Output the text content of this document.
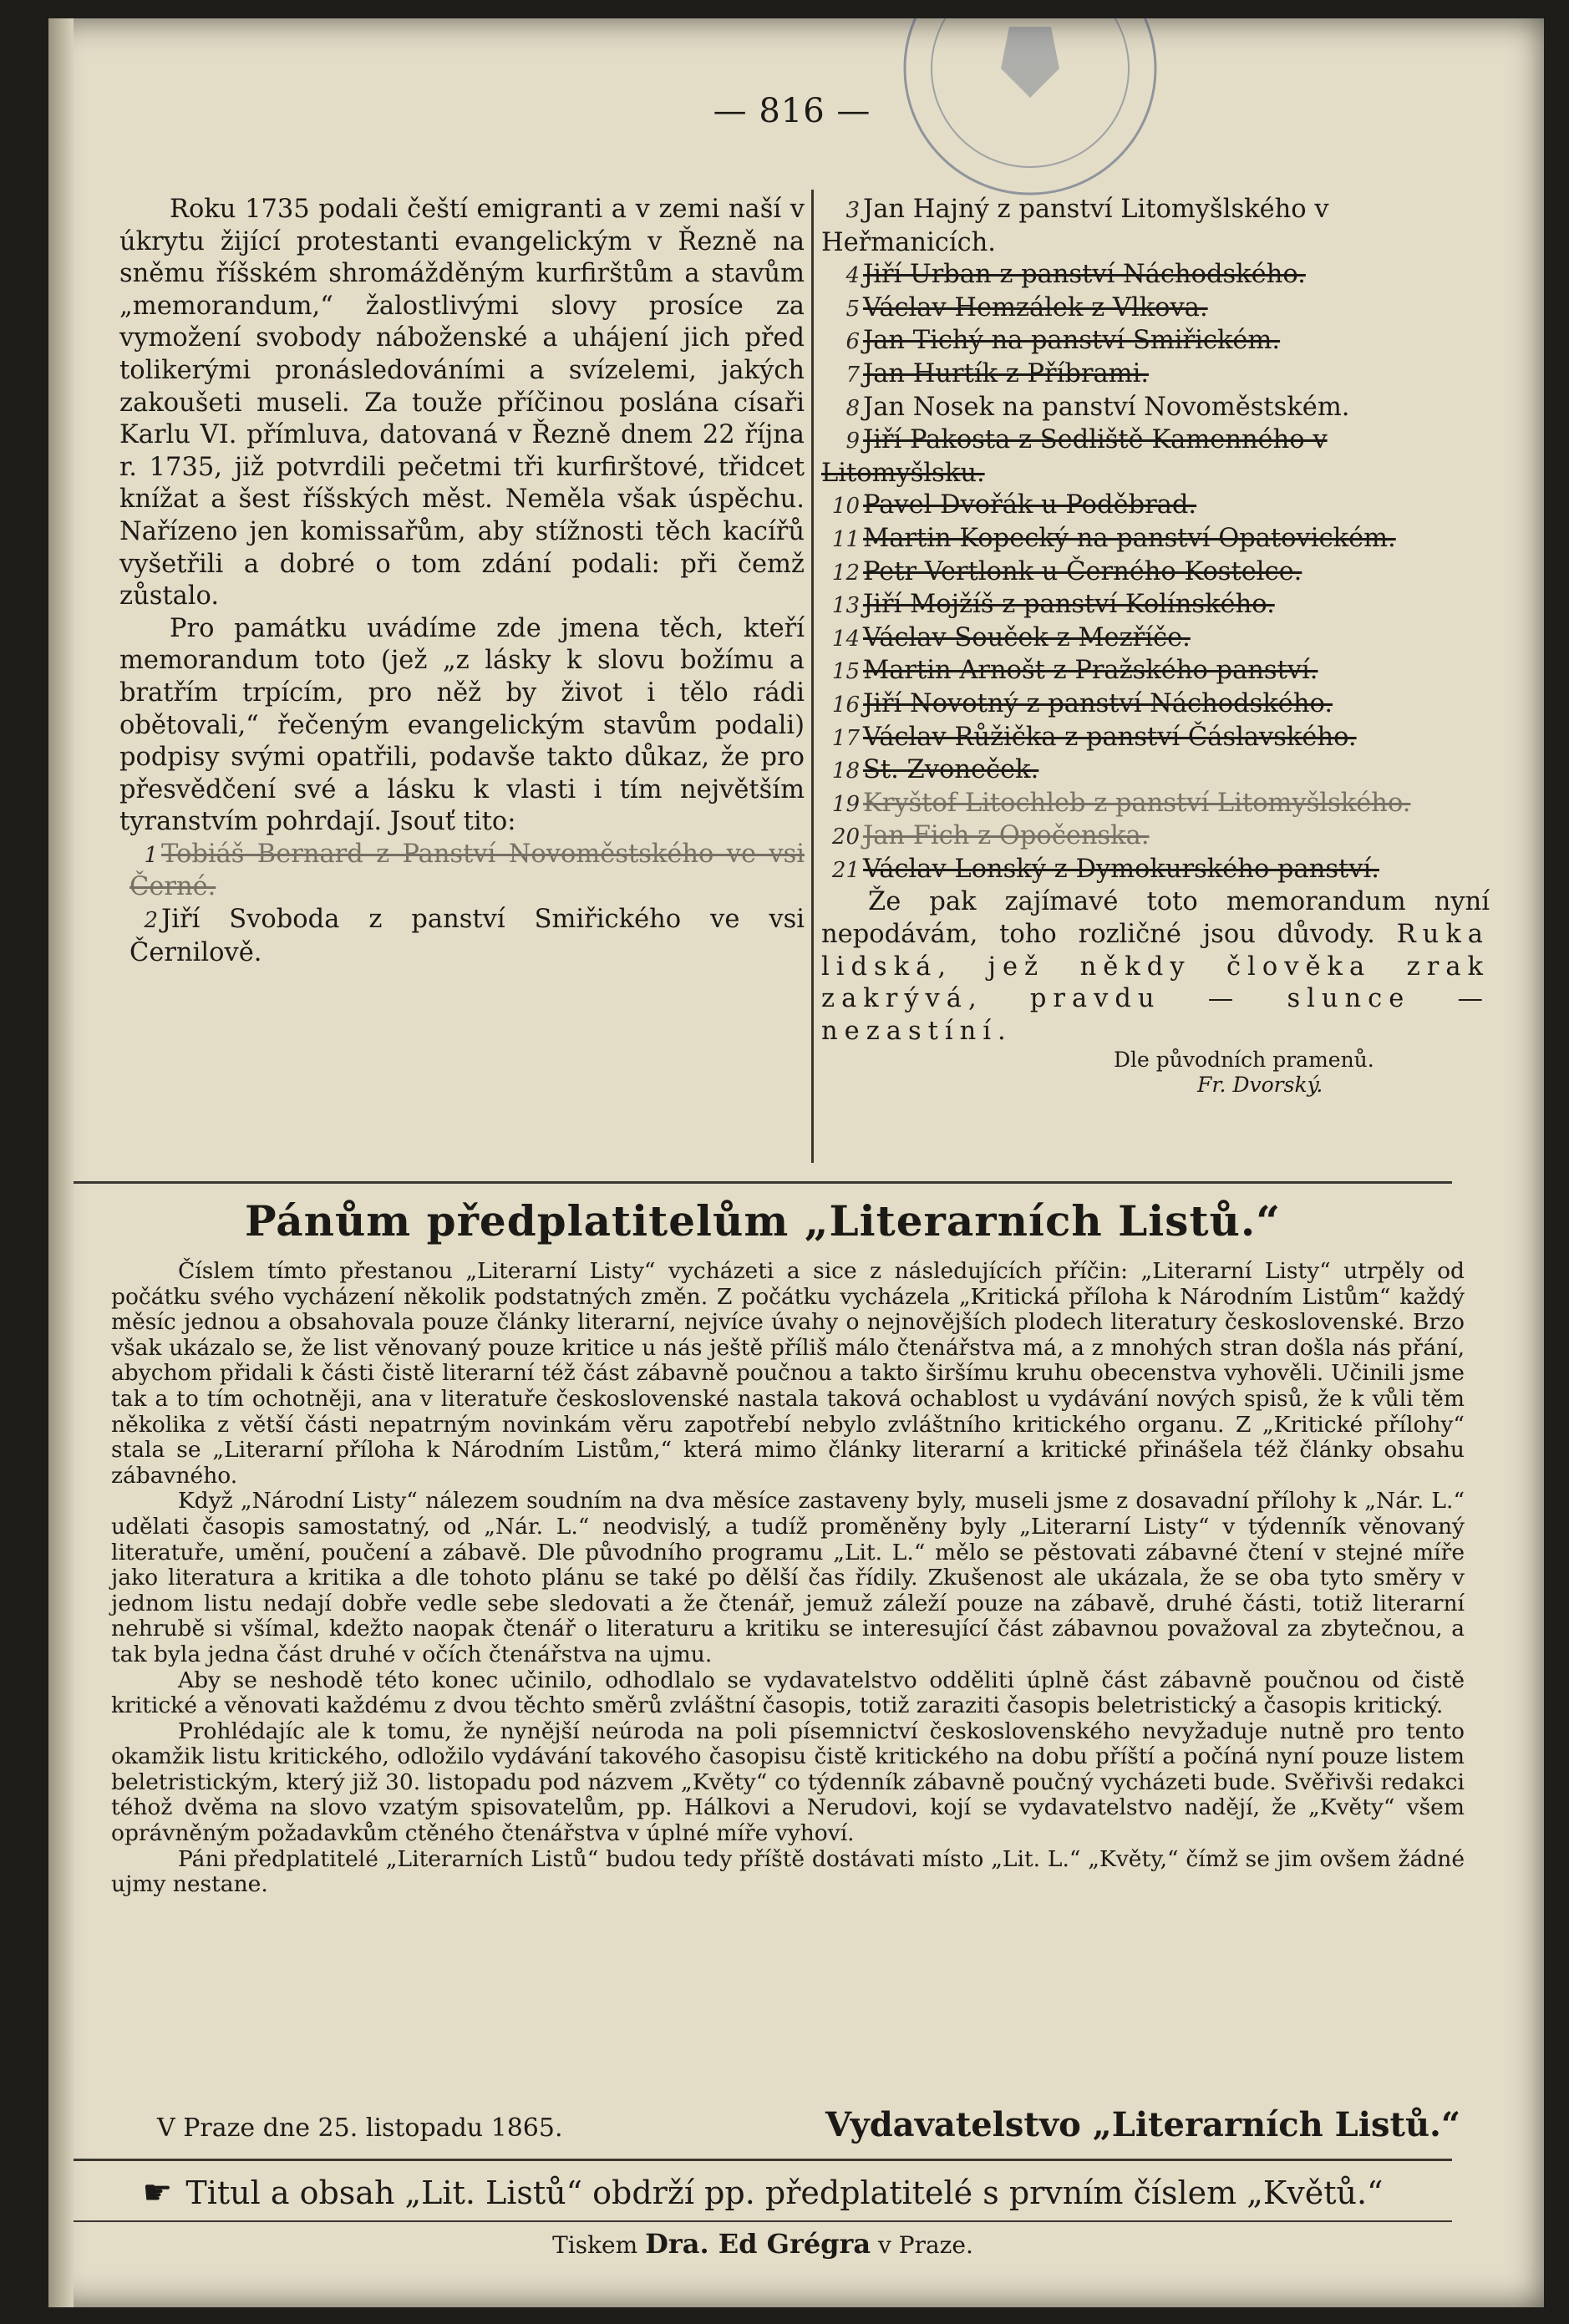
— 816 —

Roku 1735 podali čeští emigranti a v zemi naší v úkrytu žijící protestanti evangelickým v Řezně na sněmu říšském shromážděným kurfirštům a stavům „memorandum,“ žalostlivými slovy prosíce za vymožení svobody náboženské a uhájení jich před tolikerými pronásledováními a svízelemi, jakých zakoušeti museli. Za touže příčinou poslána císaři Karlu VI. přímluva, datovaná v Řezně dnem 22 října r. 1735, již potvrdili pečetmi tři kurfirštové, třidcet knížat a šest říšských měst. Neměla však úspěchu. Nařízeno jen komissařům, aby stížnosti těch kacířů vyšetřili a dobré o tom zdání podali: při čemž zůstalo.

Pro památku uvádíme zde jmena těch, kteří memorandum toto (jež „z lásky k slovu božímu a bratřím trpícím, pro něž by život i tělo rádi obětovali,“ řečeným evangelickým stavům podali) podpisy svými opatřili, podavše takto důkaz, že pro přesvědčení své a lásku k vlasti i tím největším tyranstvím pohrdají. Jsouť tito:

1 Tobiáš Bernard z Panství Novoměstského ve vsi Černé.
2 Jiří Svoboda z panství Smiřického ve vsi Černilově.
3 Jan Hajný z panství Litomyšlského v Heřmanicích.
4 Jiří Urban z panství Náchodského.
5 Václav Hemzálek z Vlkova.
6 Jan Tichý na panství Smiřickém.
7 Jan Hurtík z Příbrami.
8 Jan Nosek na panství Novoměstském.
9 Jiří Pakosta z Sedliště Kamenného v Litomyšlsku.
10 Pavel Dvořák u Poděbrad.
11 Martin Kopecký na panství Opatovickém.
12 Petr Vertlonk u Černého Kostelce.
13 Jiří Mojžíš z panství Kolínského.
14 Václav Souček z Mezříče.
15 Martin Arnošt z Pražského panství.
16 Jiří Novotný z panství Náchodského.
17 Václav Růžička z panství Čáslavského.
18 St. Zvoneček.
19 Kryštof Litochleb z panství Litomyšlského.
20 Jan Fich z Opočenska.
21 Václav Lonský z Dymokurského panství.

Že pak zajímavé toto memorandum nyní nepodávám, toho rozličné jsou důvody. Ruka lidská, jež někdy člověka zrak zakrývá, pravdu — slunce — nezastíní.

Dle původních pramenů.
Fr. Dvorský.
Pánům předplatitelům „Literarních Listů.“

Číslem tímto přestanou „Literarní Listy“ vycházeti a sice z následujících příčin: „Literarní Listy“ utrpěly od počátku svého vycházení několik podstatných změn. Z počátku vycházela „Kritická příloha k Národním Listům“ každý měsíc jednou a obsahovala pouze články literarní, nejvíce úvahy o nejnovějších plodech literatury československé. Brzo však ukázalo se, že list věnovaný pouze kritice u nás ještě příliš málo čtenářstva má, a z mnohých stran došla nás přání, abychom přidali k části čistě literarní též část zábavně poučnou a takto širšímu kruhu obecenstva vyhověli. Učinili jsme tak a to tím ochotněji, ana v literatuře československé nastala taková ochablost u vydávání nových spisů, že k vůli těm několika z větší části nepatrným novinkám věru zapotřebí nebylo zvláštního kritického organu. Z „Kritické přílohy“ stala se „Literarní příloha k Národním Listům,“ která mimo články literarní a kritické přinášela též články obsahu zábavného.

Když „Národní Listy“ nálezem soudním na dva měsíce zastaveny byly, museli jsme z dosavadní přílohy k „Nár. L.“ udělati časopis samostatný, od „Nár. L.“ neodvislý, a tudíž proměněny byly „Literarní Listy“ v týdenník věnovaný literatuře, umění, poučení a zábavě. Dle původního programu „Lit. L.“ mělo se pěstovati zábavné čtení v stejné míře jako literatura a kritika a dle tohoto plánu se také po dělší čas řídily. Zkušenost ale ukázala, že se oba tyto směry v jednom listu nedají dobře vedle sebe sledovati a že čtenář, jemuž záleží pouze na zábavě, druhé části, totiž literarní nehrubě si všímal, kdežto naopak čtenář o literaturu a kritiku se interesující část zábavnou považoval za zbytečnou, a tak byla jedna část druhé v očích čtenářstva na ujmu.

Aby se neshodě této konec učinilo, odhodlalo se vydavatelstvo odděliti úplně část zábavně poučnou od čistě kritické a věnovati každému z dvou těchto směrů zvláštní časopis, totiž zaraziti časopis beletristický a časopis kritický.

Prohlédajíc ale k tomu, že nynější neúroda na poli písemnictví československého nevyžaduje nutně pro tento okamžik listu kritického, odložilo vydávání takového časopisu čistě kritického na dobu příští a počíná nyní pouze listem beletristickým, který již 30. listopadu pod názvem „Květy“ co týdenník zábavně poučný vycházeti bude. Svěřivši redakci téhož dvěma na slovo vzatým spisovatelům, pp. Hálkovi a Nerudovi, kojí se vydavatelstvo nadějí, že „Květy“ všem oprávněným požadavkům ctěného čtenářstva v úplné míře vyhoví.

Páni předplatitelé „Literarních Listů“ budou tedy příště dostávati místo „Lit. L.“ „Květy,“ čímž se jim ovšem žádné ujmy nestane.

V Praze dne 25. listopadu 1865.	Vydavatelstvo „Literarních Listů.“
☛ Titul a obsah „Lit. Listů“ obdrží pp. předplatitelé s prvním číslem „Květů.“
Tiskem Dra. Ed Grégra v Praze.
